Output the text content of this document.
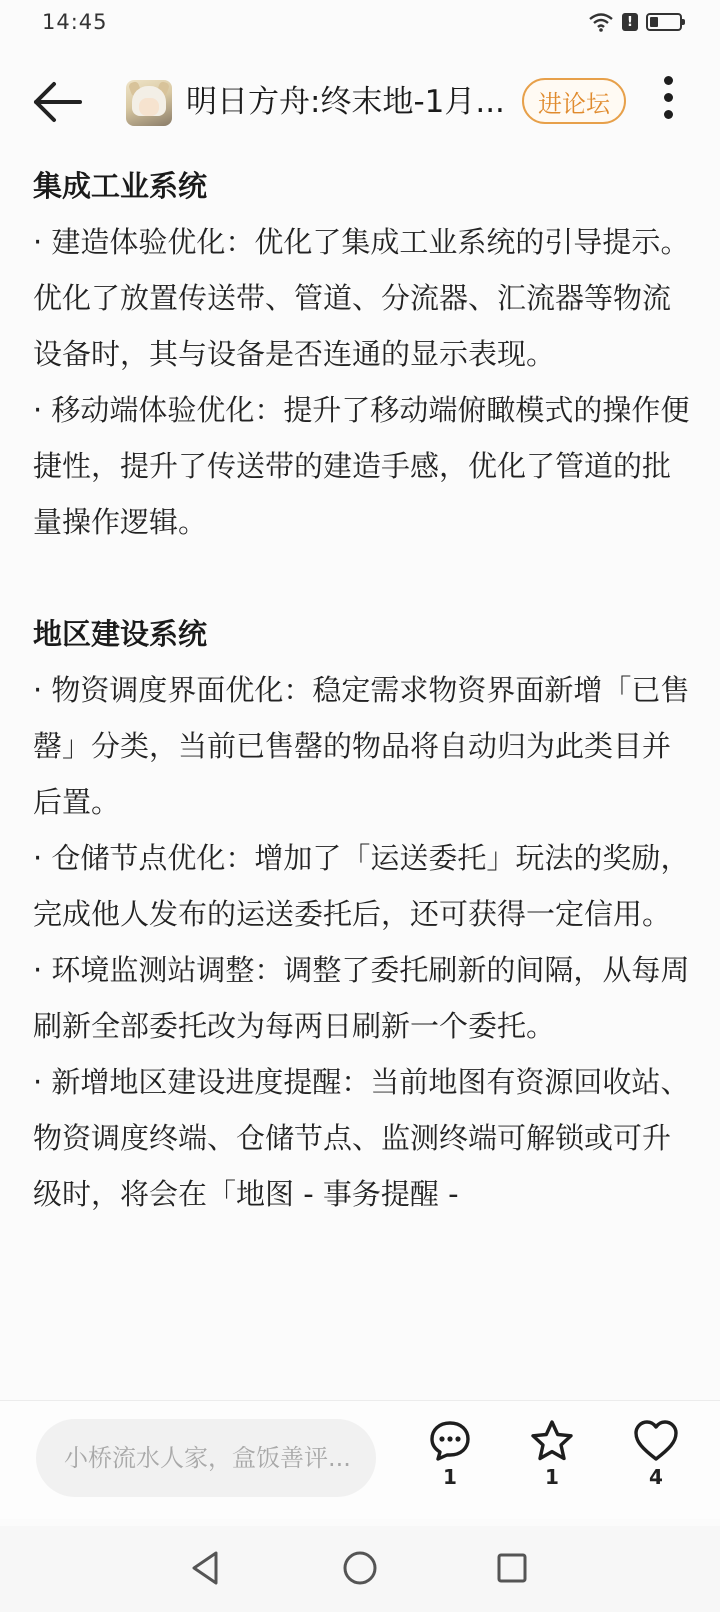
14:45	!
明日方舟:终末地-1月...	进论坛

集成工业系统

· 建造体验优化：优化了集成工业系统的引导提示。优化了放置传送带、管道、分流器、汇流器等物流设备时，其与设备是否连通的显示表现。

· 移动端体验优化：提升了移动端俯瞰模式的操作便捷性，提升了传送带的建造手感，优化了管道的批量操作逻辑。

地区建设系统

· 物资调度界面优化：稳定需求物资界面新增「已售罄」分类，当前已售罄的物品将自动归为此类目并后置。

· 仓储节点优化：增加了「运送委托」玩法的奖励，完成他人发布的运送委托后，还可获得一定信用。

· 环境监测站调整：调整了委托刷新的间隔，从每周刷新全部委托改为每两日刷新一个委托。

· 新增地区建设进度提醒：当前地图有资源回收站、物资调度终端、仓储节点、监测终端可解锁或可升级时，将会在「地图 - 事务提醒 -

小桥流水人家，盒饭善评...
1	1	4
